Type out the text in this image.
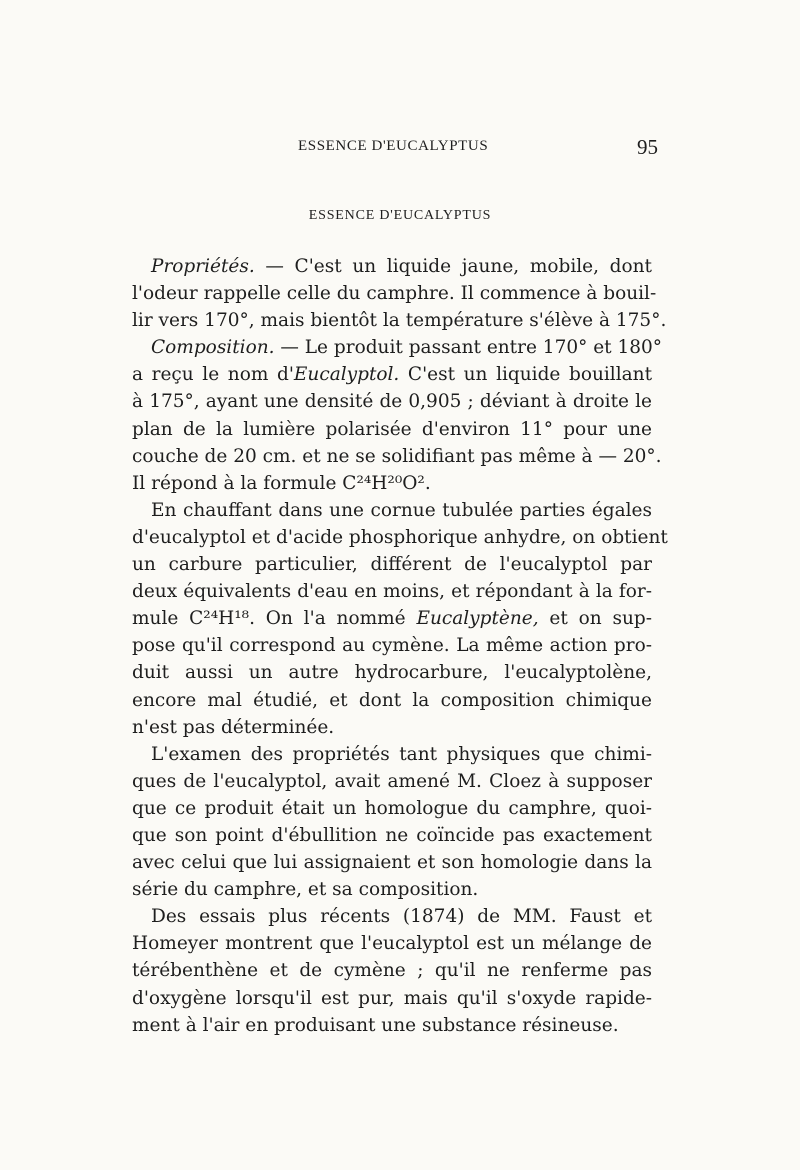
ESSENCE D'EUCALYPTUS	95
ESSENCE D'EUCALYPTUS
Propriétés. — C'est un liquide jaune, mobile, dont
l'odeur rappelle celle du camphre. Il commence à bouil-
lir vers 170°, mais bientôt la température s'élève à 175°.
Composition. — Le produit passant entre 170° et 180°
a reçu le nom d'Eucalyptol. C'est un liquide bouillant
à 175°, ayant une densité de 0,905 ; déviant à droite le
plan de la lumière polarisée d'environ 11° pour une
couche de 20 cm. et ne se solidifiant pas même à — 20°.
Il répond à la formule C²⁴H²⁰O².
En chauffant dans une cornue tubulée parties égales
d'eucalyptol et d'acide phosphorique anhydre, on obtient
un carbure particulier, différent de l'eucalyptol par
deux équivalents d'eau en moins, et répondant à la for-
mule C²⁴H¹⁸. On l'a nommé Eucalyptène, et on sup-
pose qu'il correspond au cymène. La même action pro-
duit aussi un autre hydrocarbure, l'eucalyptolène,
encore mal étudié, et dont la composition chimique
n'est pas déterminée.
L'examen des propriétés tant physiques que chimi-
ques de l'eucalyptol, avait amené M. Cloez à supposer
que ce produit était un homologue du camphre, quoi-
que son point d'ébullition ne coïncide pas exactement
avec celui que lui assignaient et son homologie dans la
série du camphre, et sa composition.
Des essais plus récents (1874) de MM. Faust et
Homeyer montrent que l'eucalyptol est un mélange de
térébenthène et de cymène ; qu'il ne renferme pas
d'oxygène lorsqu'il est pur, mais qu'il s'oxyde rapide-
ment à l'air en produisant une substance résineuse.
